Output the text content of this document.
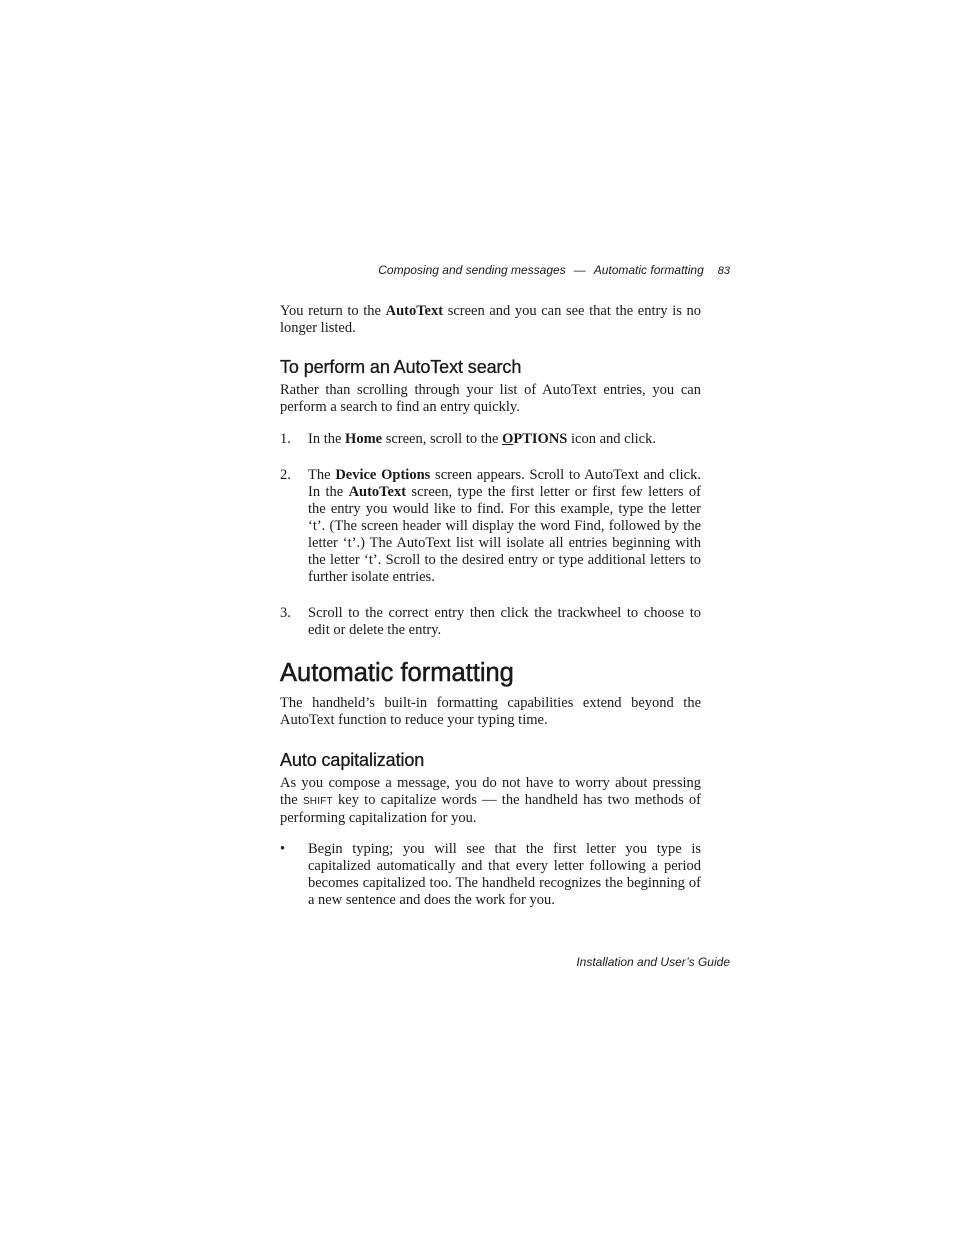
Composing and sending messages — Automatic formatting 83

You return to the AutoText screen and you can see that the entry is no longer listed.

To perform an AutoText search

Rather than scrolling through your list of AutoText entries, you can perform a search to find an entry quickly.

1.	In the Home screen, scroll to the OPTIONS icon and click.

2.	The Device Options screen appears. Scroll to AutoText and click. In the AutoText screen, type the first letter or first few letters of the entry you would like to find. For this example, type the letter ‘t’. (The screen header will display the word Find, followed by the letter ‘t’.) The AutoText list will isolate all entries beginning with the letter ‘t’. Scroll to the desired entry or type additional letters to further isolate entries.

3.	Scroll to the correct entry then click the trackwheel to choose to edit or delete the entry.

Automatic formatting

The handheld’s built-in formatting capabilities extend beyond the AutoText function to reduce your typing time.

Auto capitalization

As you compose a message, you do not have to worry about pressing the SHIFT key to capitalize words — the handheld has two methods of performing capitalization for you.

•	Begin typing; you will see that the first letter you type is capitalized automatically and that every letter following a period becomes capitalized too. The handheld recognizes the beginning of a new sentence and does the work for you.

Installation and User’s Guide
